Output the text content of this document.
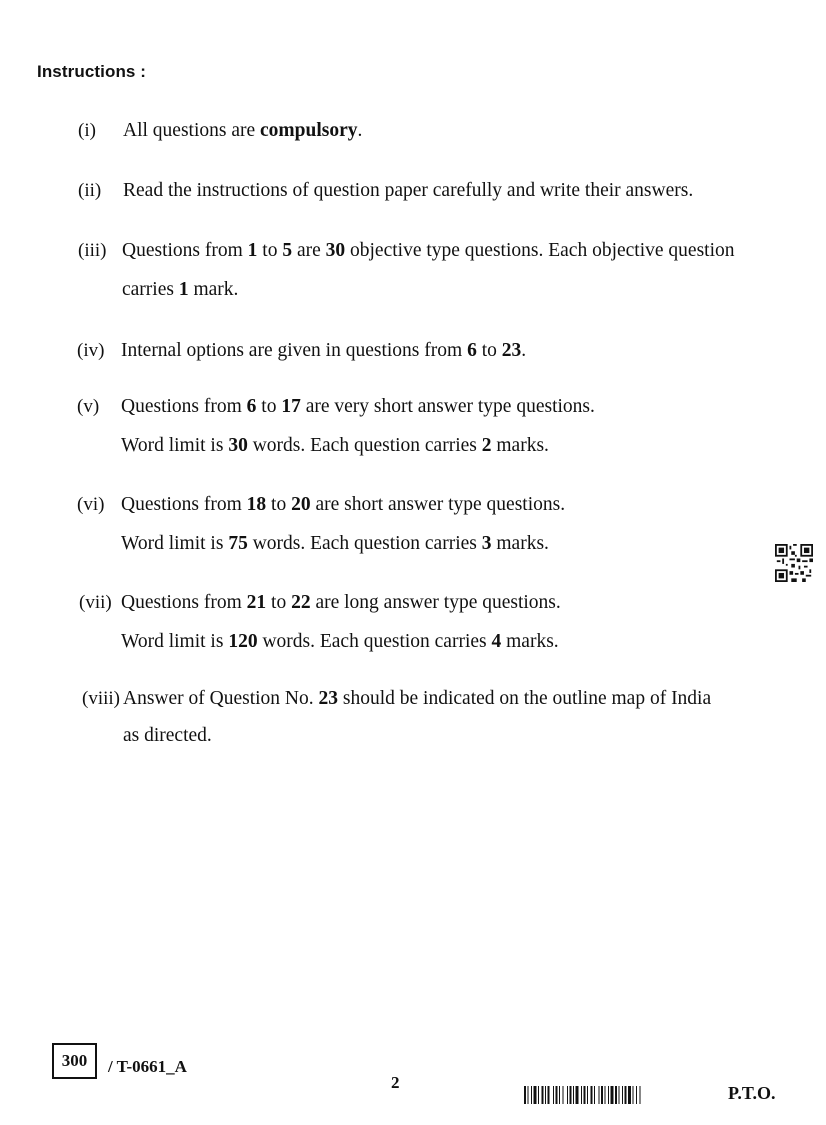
Instructions :
(i) All questions are compulsory.
(ii) Read the instructions of question paper carefully and write their answers.
(iii) Questions from 1 to 5 are 30 objective type questions. Each objective question
carries 1 mark.
(iv) Internal options are given in questions from 6 to 23.
(v) Questions from 6 to 17 are very short answer type questions.
Word limit is 30 words. Each question carries 2 marks.
(vi) Questions from 18 to 20 are short answer type questions.
Word limit is 75 words. Each question carries 3 marks.
(vii) Questions from 21 to 22 are long answer type questions.
Word limit is 120 words. Each question carries 4 marks.
(viii) Answer of Question No. 23 should be indicated on the outline map of India
as directed.
300	/ T-0661_A
2
P.T.O.
